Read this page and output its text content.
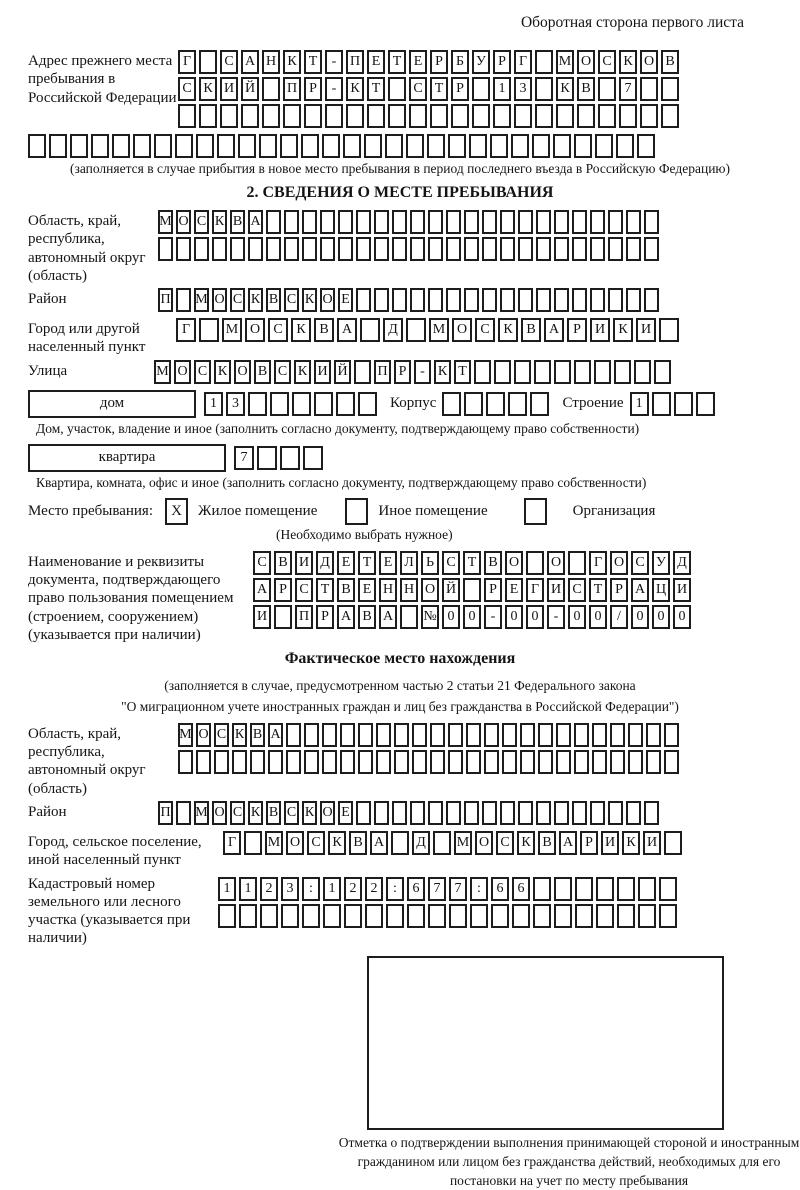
Оборотная сторона первого листа
Адрес прежнего места пребывания в Российской Федерации
Г	С А Н К Т	- П Е Т Е Р Б У Р Г	М О С К О В
С К И Й П Р	-	К Т	С Т Р	1	3	К В	7
(заполняется в случае прибытия в новое место пребывания в период последнего въезда в Российскую Федерацию)
2. СВЕДЕНИЯ О МЕСТЕ ПРЕБЫВАНИЯ
Область, край, республика, автономный округ (область)
М О С К В А
Район	П М О С К В С К О Е
Город или другой населенный пункт
Г	М О С К В А	Д	М О С К В А	Р	И К И
Улица	М О С К О В С К И Й П Р - К Т
дом	1	3	Корпус	Строение 1
Дом, участок, владение и иное (заполнить согласно документу, подтверждающему право собственности)
квартира	7
Квартира, комната, офис и иное (заполнить согласно документу, подтверждающему право собственности)
Место пребывания:	X	Жилое помещение	Иное помещение	Организация
(Необходимо выбрать нужное)
Наименование и реквизиты документа, подтверждающего право пользования помещением (строением, сооружением) (указывается при наличии)
С В И Д Е Т Е Л Ь С Т В О О	Г О С У Д
А Р С Т В Е Н Н О Й	Р Е Г И С Т Р А Ц И
И П Р А В А № 0	0	-	0	0	-	0	0	/	0	0	0
Фактическое место нахождения
(заполняется в случае, предусмотренном частью 2 статьи 21 Федерального закона
"О миграционном учете иностранных граждан и лиц без гражданства в Российской Федерации")
Область, край, республика, автономный округ (область)
М О С К В А
Район	П М О С К В С К О Е
Город, сельское поселение, иной населенный пункт
Г	М О С К В А	Д	М О С К В А Р И К И
Кадастровый номер земельного или лесного участка (указывается при наличии)
1	1	2	3	:	1	2	2	:	6	7	7	:	6	6
Отметка о подтверждении выполнения принимающей стороной и иностранным гражданином или лицом без гражданства действий, необходимых для его постановки на учет по месту пребывания
